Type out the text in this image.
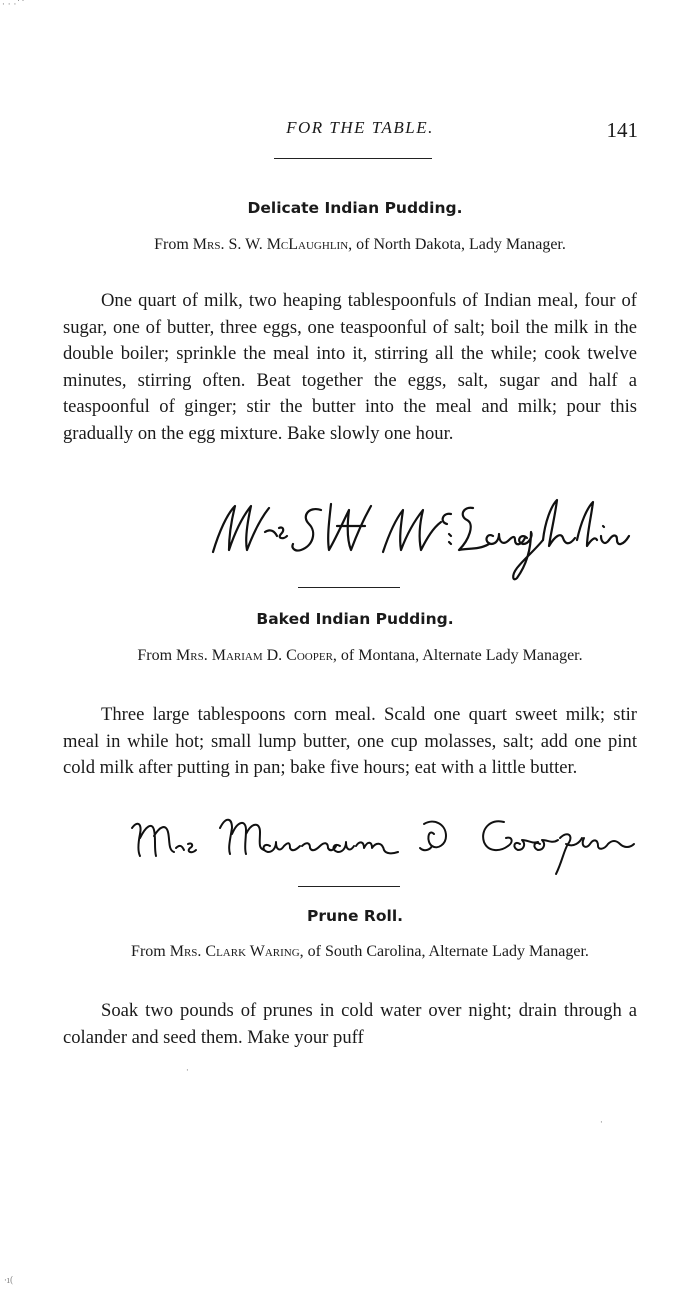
· · ·˙˙
FOR THE TABLE.	141
Delicate Indian Pudding.
From Mrs. S. W. McLaughlin, of North Dakota, Lady Manager.
One quart of milk, two heaping tablespoonfuls of Indian meal, four of sugar, one of butter, three eggs, one teaspoonful of salt; boil the milk in the double boiler; sprinkle the meal into it, stirring all the while; cook twelve minutes, stirring often. Beat together the eggs, salt, sugar and half a teaspoonful of ginger; stir the butter into the meal and milk; pour this gradually on the egg mixture. Bake slowly one hour.
Baked Indian Pudding.
From Mrs. Mariam D. Cooper, of Montana, Alternate Lady Manager.
Three large tablespoons corn meal. Scald one quart sweet milk; stir meal in while hot; small lump butter, one cup molasses, salt; add one pint cold milk after putting in pan; bake five hours; eat with a little butter.
Prune Roll.
From Mrs. Clark Waring, of South Carolina, Alternate Lady Manager.
Soak two pounds of prunes in cold water over night; drain through a colander and seed them. Make your puff
·
·
·ı(
